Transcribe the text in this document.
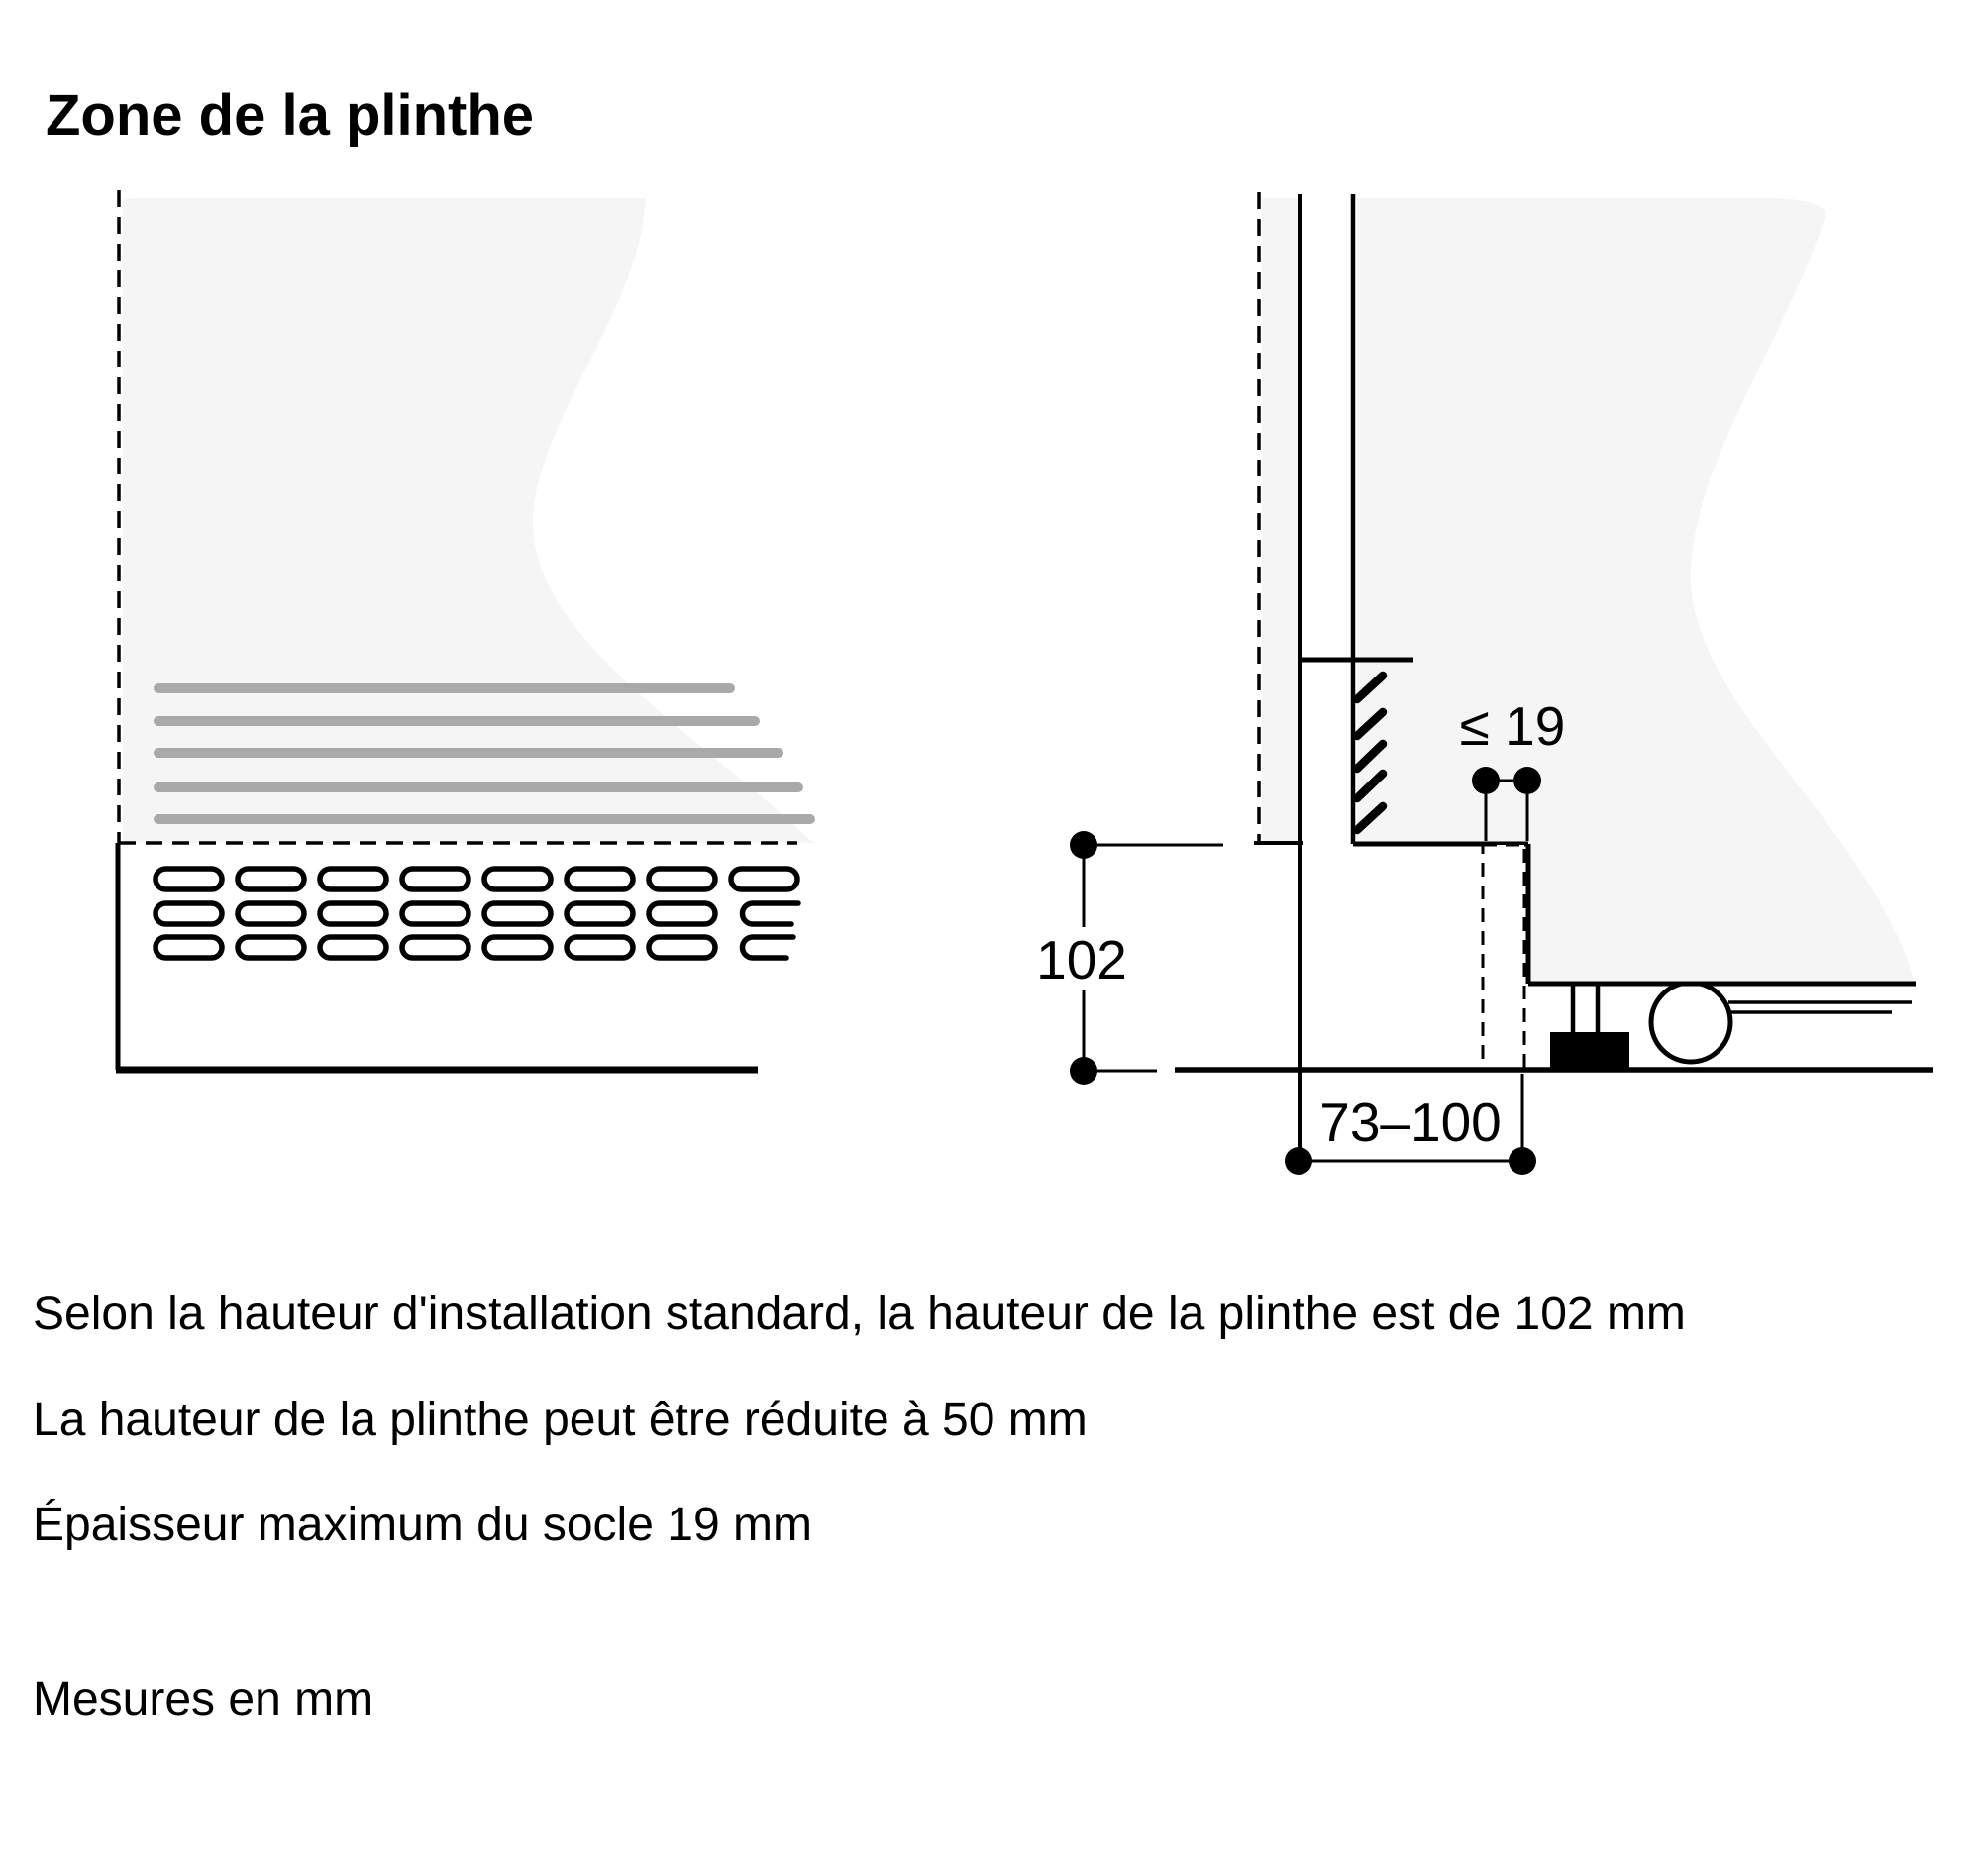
Zone de la plinthe
≤ 19
102
73–100
Selon la hauteur d'installation standard, la hauteur de la plinthe est de 102 mm
La hauteur de la plinthe peut être réduite à 50 mm
Épaisseur maximum du socle 19 mm
Mesures en mm
